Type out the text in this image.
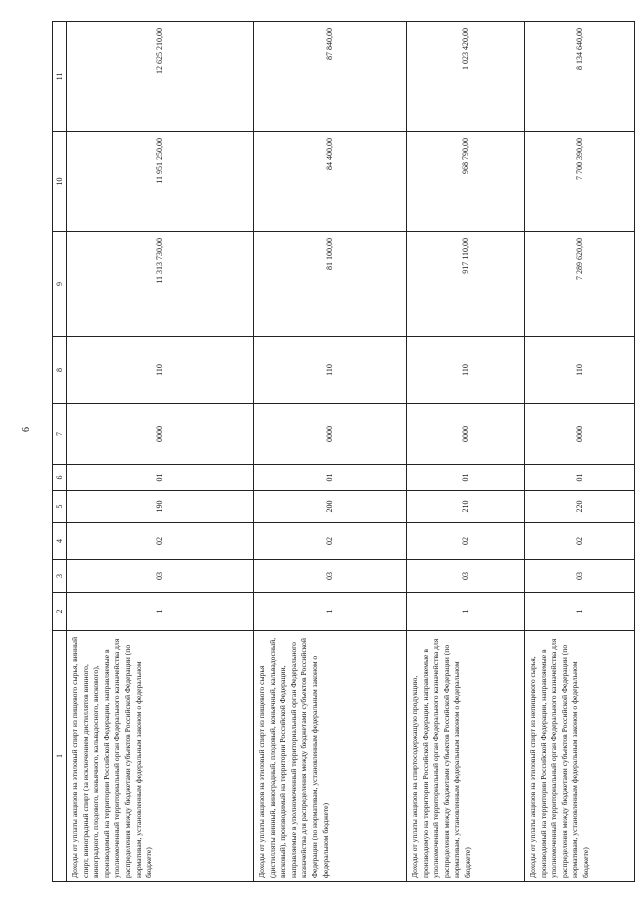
6
1	2	3	4	5	6	7	8	9	10	11
Доходы от уплаты акцизов на этиловый спирт из пищевого сырья, винный спирт, виноградный спирт (за исключением дистиллятов винного, виноградного, плодового, коньячного, кальвадосного, вискового), производимый на территории Российской Федерации, направляемые в уполномоченный территориальный орган Федерального казначейства для распределения между бюджетами субъектов Российской Федерации (по нормативам, установленным федеральным законом о федеральном бюджете)	1	03	02	190	01	0000	110	11 313 730,00	11 951 250,00	12 625 210,00
Доходы от уплаты акцизов на этиловый спирт из пищевого сырья (дистилляты винный, виноградный, плодовый, коньячный, кальвадосный, висковый), производимый на территории Российской Федерации, направляемые в уполномоченный территориальный орган Федерального казначейства для распределения между бюджетами субъектов Российской Федерации (по нормативам, установленным федеральным законом о федеральном бюджете)	1	03	02	200	01	0000	110	81 100,00	84 400,00	87 840,00
Доходы от уплаты акцизов на спиртосодержащую продукцию, производимую на территории Российской Федерации, направляемые в уполномоченный территориальный орган Федерального казначейства для распределения между бюджетами субъектов Российской Федерации (по нормативам, установленным федеральным законом о федеральном бюджете)	1	03	02	210	01	0000	110	917 110,00	968 790,00	1 023 420,00
Доходы от уплаты акцизов на этиловый спирт из непищевого сырья, производимый на территории Российской Федерации, направляемые в уполномоченный территориальный орган Федерального казначейства для распределения между бюджетами субъектов Российской Федерации (по нормативам, установленным федеральным законом о федеральном бюджете)	1	03	02	220	01	0000	110	7 289 620,00	7 700 390,00	8 134 640,00
